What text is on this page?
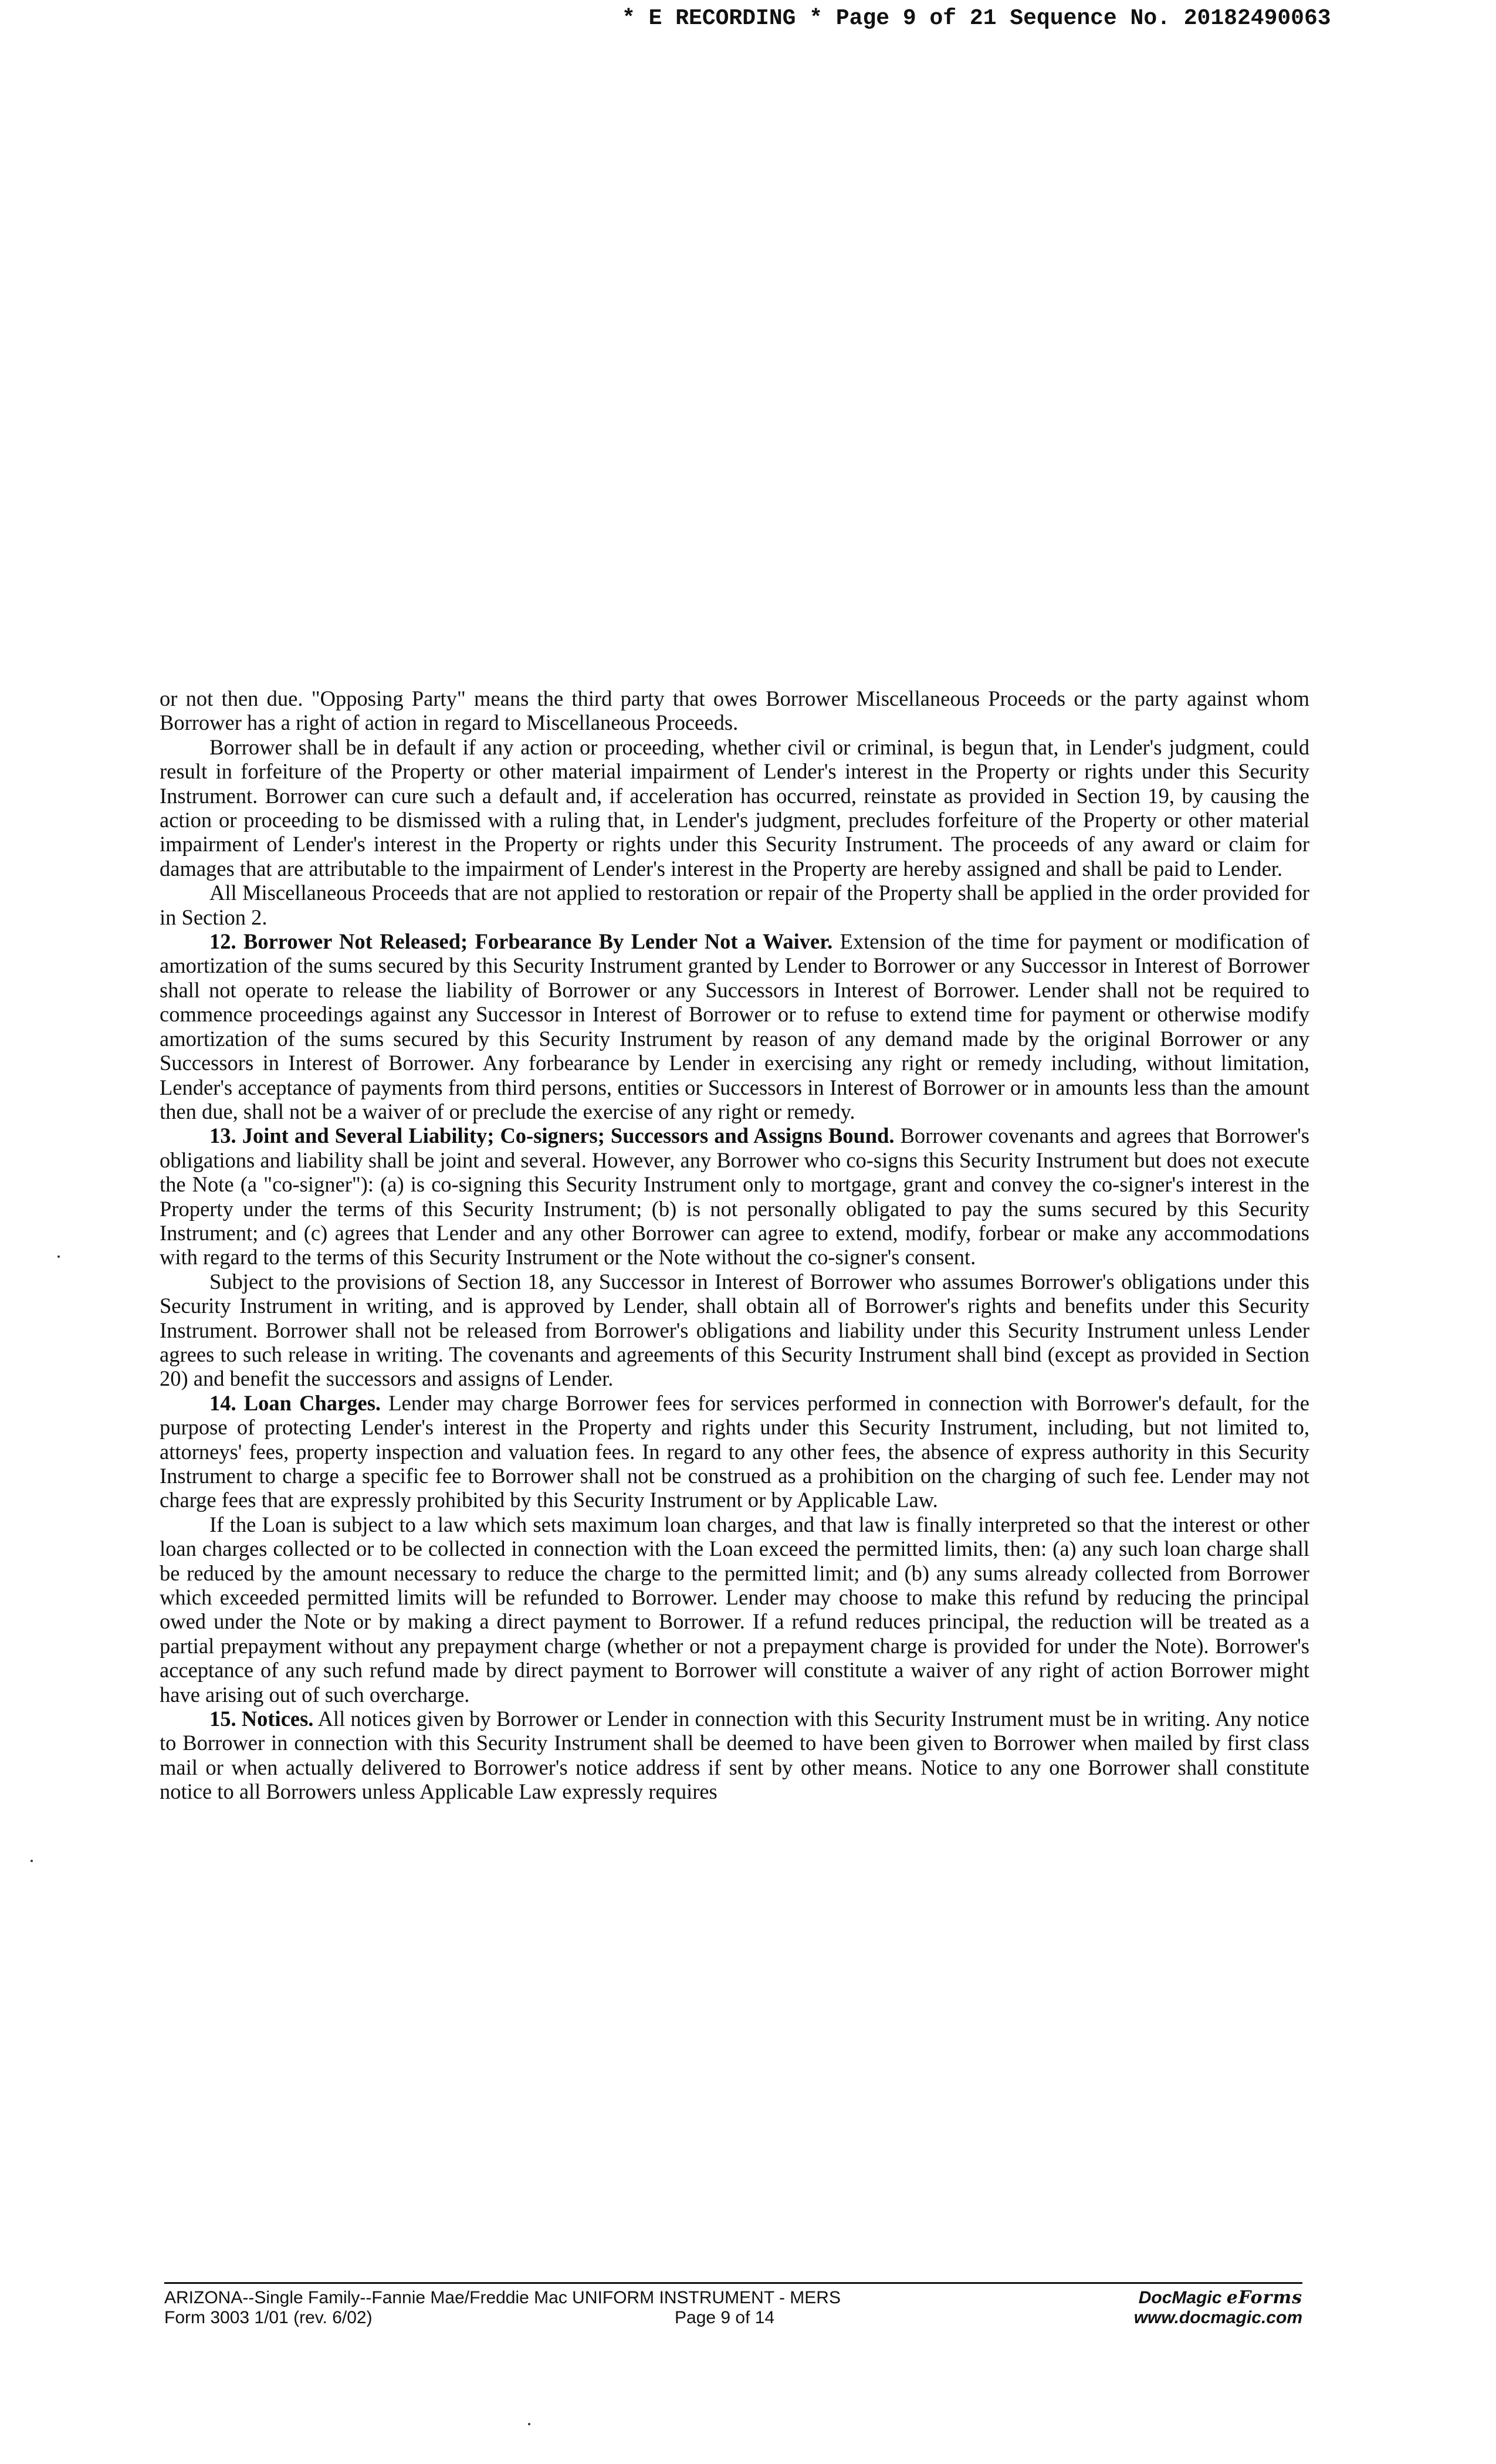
* E RECORDING * Page 9 of 21 Sequence No. 20182490063

or not then due. "Opposing Party" means the third party that owes Borrower Miscellaneous Proceeds or the party against whom Borrower has a right of action in regard to Miscellaneous Proceeds.

Borrower shall be in default if any action or proceeding, whether civil or criminal, is begun that, in Lender's judgment, could result in forfeiture of the Property or other material impairment of Lender's interest in the Property or rights under this Security Instrument. Borrower can cure such a default and, if acceleration has occurred, reinstate as provided in Section 19, by causing the action or proceeding to be dismissed with a ruling that, in Lender's judgment, precludes forfeiture of the Property or other material impairment of Lender's interest in the Property or rights under this Security Instrument. The proceeds of any award or claim for damages that are attributable to the impairment of Lender's interest in the Property are hereby assigned and shall be paid to Lender.

All Miscellaneous Proceeds that are not applied to restoration or repair of the Property shall be applied in the order provided for in Section 2.

12. Borrower Not Released; Forbearance By Lender Not a Waiver. Extension of the time for payment or modification of amortization of the sums secured by this Security Instrument granted by Lender to Borrower or any Successor in Interest of Borrower shall not operate to release the liability of Borrower or any Successors in Interest of Borrower. Lender shall not be required to commence proceedings against any Successor in Interest of Borrower or to refuse to extend time for payment or otherwise modify amortization of the sums secured by this Security Instrument by reason of any demand made by the original Borrower or any Successors in Interest of Borrower. Any forbearance by Lender in exercising any right or remedy including, without limitation, Lender's acceptance of payments from third persons, entities or Successors in Interest of Borrower or in amounts less than the amount then due, shall not be a waiver of or preclude the exercise of any right or remedy.

13. Joint and Several Liability; Co-signers; Successors and Assigns Bound. Borrower covenants and agrees that Borrower's obligations and liability shall be joint and several. However, any Borrower who co-signs this Security Instrument but does not execute the Note (a "co-signer"): (a) is co-signing this Security Instrument only to mortgage, grant and convey the co-signer's interest in the Property under the terms of this Security Instrument; (b) is not personally obligated to pay the sums secured by this Security Instrument; and (c) agrees that Lender and any other Borrower can agree to extend, modify, forbear or make any accommodations with regard to the terms of this Security Instrument or the Note without the co-signer's consent.

Subject to the provisions of Section 18, any Successor in Interest of Borrower who assumes Borrower's obligations under this Security Instrument in writing, and is approved by Lender, shall obtain all of Borrower's rights and benefits under this Security Instrument. Borrower shall not be released from Borrower's obligations and liability under this Security Instrument unless Lender agrees to such release in writing. The covenants and agreements of this Security Instrument shall bind (except as provided in Section 20) and benefit the successors and assigns of Lender.

14. Loan Charges. Lender may charge Borrower fees for services performed in connection with Borrower's default, for the purpose of protecting Lender's interest in the Property and rights under this Security Instrument, including, but not limited to, attorneys' fees, property inspection and valuation fees. In regard to any other fees, the absence of express authority in this Security Instrument to charge a specific fee to Borrower shall not be construed as a prohibition on the charging of such fee. Lender may not charge fees that are expressly prohibited by this Security Instrument or by Applicable Law.

If the Loan is subject to a law which sets maximum loan charges, and that law is finally interpreted so that the interest or other loan charges collected or to be collected in connection with the Loan exceed the permitted limits, then: (a) any such loan charge shall be reduced by the amount necessary to reduce the charge to the permitted limit; and (b) any sums already collected from Borrower which exceeded permitted limits will be refunded to Borrower. Lender may choose to make this refund by reducing the principal owed under the Note or by making a direct payment to Borrower. If a refund reduces principal, the reduction will be treated as a partial prepayment without any prepayment charge (whether or not a prepayment charge is provided for under the Note). Borrower's acceptance of any such refund made by direct payment to Borrower will constitute a waiver of any right of action Borrower might have arising out of such overcharge.

15. Notices. All notices given by Borrower or Lender in connection with this Security Instrument must be in writing. Any notice to Borrower in connection with this Security Instrument shall be deemed to have been given to Borrower when mailed by first class mail or when actually delivered to Borrower's notice address if sent by other means. Notice to any one Borrower shall constitute notice to all Borrowers unless Applicable Law expressly requires

ARIZONA--Single Family--Fannie Mae/Freddie Mac UNIFORM INSTRUMENT - MERS
Form 3003 1/01 (rev. 6/02)	Page 9 of 14
DocMagic eForms
www.docmagic.com
